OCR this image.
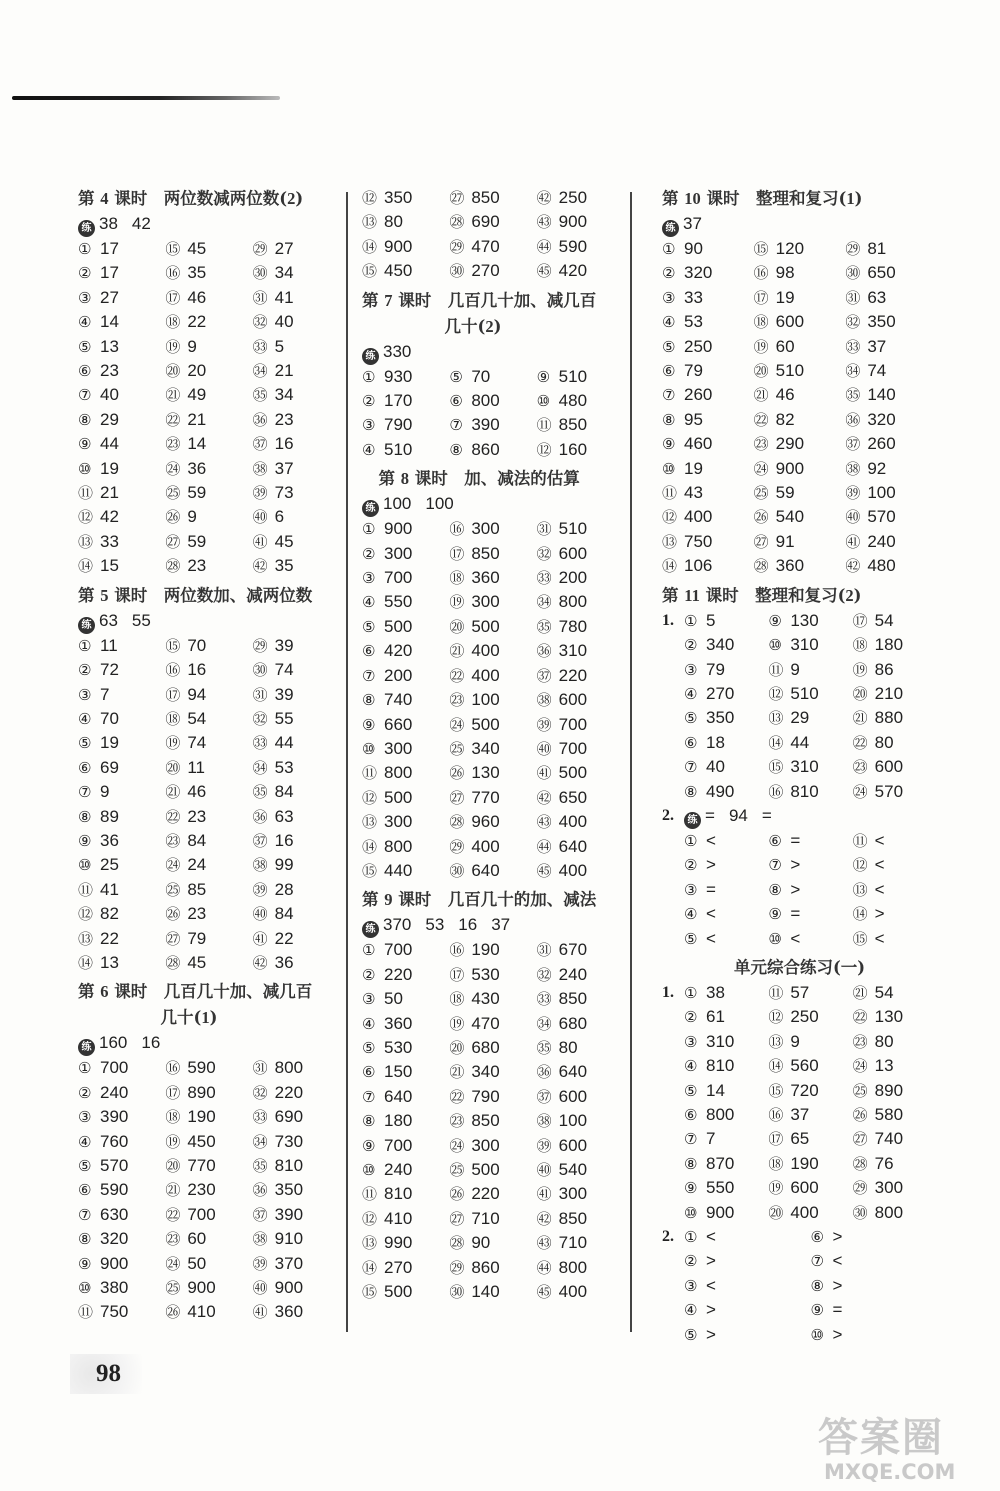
第 4 课时　两位数减两位数(2)
练 38 42
① 17	⑮ 45	㉙ 27
② 17	⑯ 35	㉚ 34
③ 27	⑰ 46	㉛ 41
④ 14	⑱ 22	㉜ 40
⑤ 13	⑲ 9	㉝ 5
⑥ 23	⑳ 20	㉞ 21
⑦ 40	㉑ 49	㉟ 34
⑧ 29	㉒ 21	㊱ 23
⑨ 44	㉓ 14	㊲ 16
⑩ 19	㉔ 36	㊳ 37
⑪ 21	㉕ 59	㊴ 73
⑫ 42	㉖ 9	㊵ 6
⑬ 33	㉗ 59	㊶ 45
⑭ 15	㉘ 23	㊷ 35
第 5 课时　两位数加、减两位数
练 63 55
① 11	⑮ 70	㉙ 39
② 72	⑯ 16	㉚ 74
③ 7	⑰ 94	㉛ 39
④ 70	⑱ 54	㉜ 55
⑤ 19	⑲ 74	㉝ 44
⑥ 69	⑳ 11	㉞ 53
⑦ 9	㉑ 46	㉟ 84
⑧ 89	㉒ 23	㊱ 63
⑨ 36	㉓ 84	㊲ 16
⑩ 25	㉔ 24	㊳ 99
⑪ 41	㉕ 85	㊴ 28
⑫ 82	㉖ 23	㊵ 84
⑬ 22	㉗ 79	㊶ 22
⑭ 13	㉘ 45	㊷ 36
第 6 课时　几百几十加、减几百
　　　　　几十(1)
练 160 16
① 700	⑯ 590	㉛ 800
② 240	⑰ 890	㉜ 220
③ 390	⑱ 190	㉝ 690
④ 760	⑲ 450	㉞ 730
⑤ 570	⑳ 770	㉟ 810
⑥ 590	㉑ 230	㊱ 350
⑦ 630	㉒ 700	㊲ 390
⑧ 320	㉓ 60	㊳ 910
⑨ 900	㉔ 50	㊴ 370
⑩ 380	㉕ 900	㊵ 900
⑪ 750	㉖ 410	㊶ 360
⑫ 350	㉗ 850	㊷ 250
⑬ 80	㉘ 690	㊸ 900
⑭ 900	㉙ 470	㊹ 590
⑮ 450	㉚ 270	㊺ 420
第 7 课时　几百几十加、减几百
　　　　　几十(2)
练 330
① 930	⑤ 70	⑨ 510
② 170	⑥ 800	⑩ 480
③ 790	⑦ 390	⑪ 850
④ 510	⑧ 860	⑫ 160
　第 8 课时　加、减法的估算
练 100 100
① 900	⑯ 300	㉛ 510
② 300	⑰ 850	㉜ 600
③ 700	⑱ 360	㉝ 200
④ 550	⑲ 300	㉞ 800
⑤ 500	⑳ 500	㉟ 780
⑥ 420	㉑ 400	㊱ 310
⑦ 200	㉒ 400	㊲ 220
⑧ 740	㉓ 100	㊳ 600
⑨ 660	㉔ 500	㊴ 700
⑩ 300	㉕ 340	㊵ 700
⑪ 800	㉖ 130	㊶ 500
⑫ 500	㉗ 770	㊷ 650
⑬ 300	㉘ 960	㊸ 400
⑭ 800	㉙ 400	㊹ 640
⑮ 440	㉚ 640	㊺ 400
第 9 课时　几百几十的加、减法
练 370 53 16 37
① 700	⑯ 190	㉛ 670
② 220	⑰ 530	㉜ 240
③ 50	⑱ 430	㉝ 850
④ 360	⑲ 470	㉞ 680
⑤ 530	⑳ 680	㉟ 80
⑥ 150	㉑ 340	㊱ 640
⑦ 640	㉒ 790	㊲ 600
⑧ 180	㉓ 850	㊳ 100
⑨ 700	㉔ 300	㊴ 600
⑩ 240	㉕ 500	㊵ 540
⑪ 810	㉖ 220	㊶ 300
⑫ 410	㉗ 710	㊷ 850
⑬ 990	㉘ 90	㊸ 710
⑭ 270	㉙ 860	㊹ 800
⑮ 500	㉚ 140	㊺ 400
第 10 课时　整理和复习(1)
练 37
① 90	⑮ 120	㉙ 81
② 320	⑯ 98	㉚ 650
③ 33	⑰ 19	㉛ 63
④ 53	⑱ 600	㉜ 350
⑤ 250	⑲ 60	㉝ 37
⑥ 79	⑳ 510	㉞ 74
⑦ 260	㉑ 46	㉟ 140
⑧ 95	㉒ 82	㊱ 320
⑨ 460	㉓ 290	㊲ 260
⑩ 19	㉔ 900	㊳ 92
⑪ 43	㉕ 59	㊴ 100
⑫ 400	㉖ 540	㊵ 570
⑬ 750	㉗ 91	㊶ 240
⑭ 106	㉘ 360	㊷ 480
第 11 课时　整理和复习(2)
1. ① 5	⑨ 130	⑰ 54
② 340	⑩ 310	⑱ 180
③ 79	⑪ 9	⑲ 86
④ 270	⑫ 510	⑳ 210
⑤ 350	⑬ 29	㉑ 880
⑥ 18	⑭ 44	㉒ 80
⑦ 40	⑮ 310	㉓ 600
⑧ 490	⑯ 810	㉔ 570
2.	练 = 94 =
① <	⑥ =	⑪ <
② >	⑦ >	⑫ <
③ =	⑧ >	⑬ <
④ <	⑨ =	⑭ >
⑤ <	⑩ <	⑮ <
单元综合练习(一)
1. ① 38	⑪ 57	㉑ 54
② 61	⑫ 250	㉒ 130
③ 310	⑬ 9	㉓ 80
④ 810	⑭ 560	㉔ 13
⑤ 14	⑮ 720	㉕ 890
⑥ 800	⑯ 37	㉖ 580
⑦ 7	⑰ 65	㉗ 740
⑧ 870	⑱ 190	㉘ 76
⑨ 550	⑲ 600	㉙ 300
⑩ 900	⑳ 400	㉚ 800
2. ① <	⑥ >
② >	⑦ <
③ <	⑧ >
④ >	⑨ =
⑤ >	⑩ >
98
答案圈
MXQE.COM
